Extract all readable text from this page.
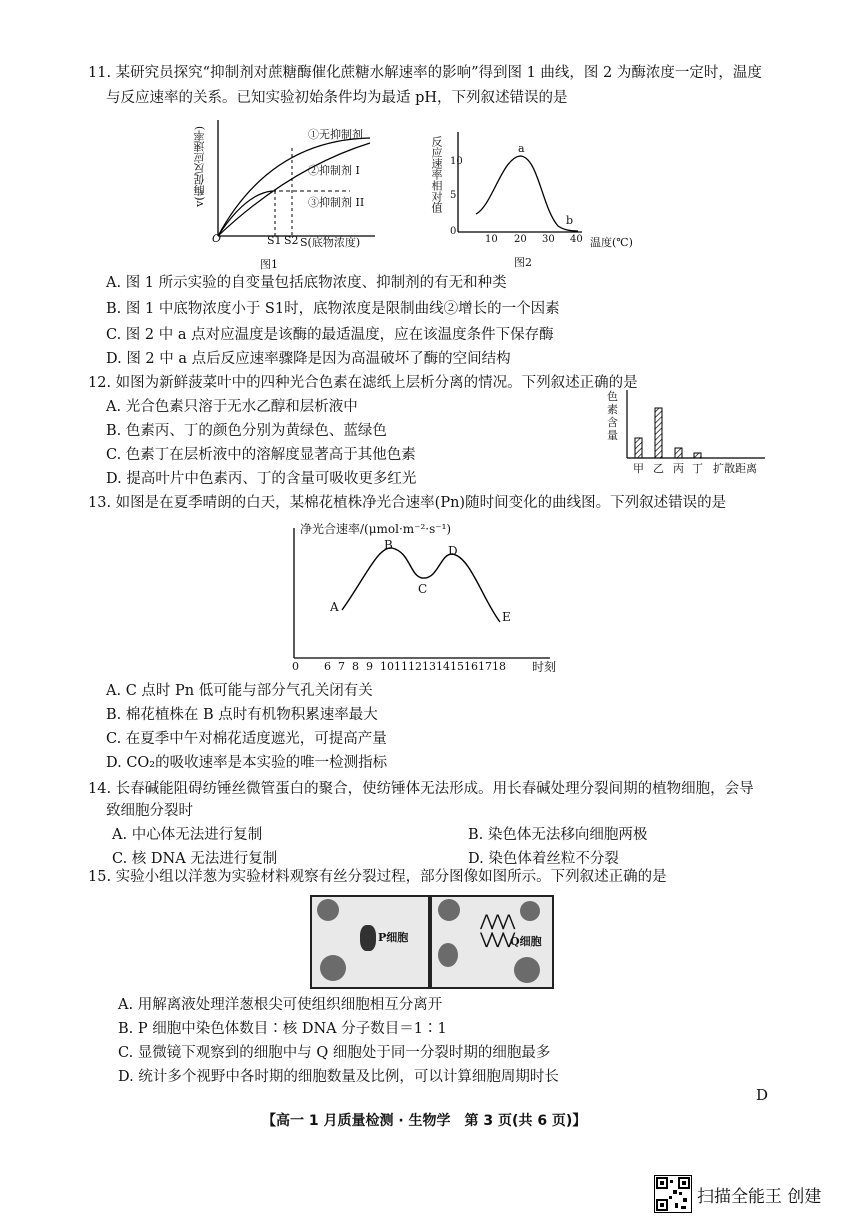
11. 某研究员探究“抑制剂对蔗糖酶催化蔗糖水解速率的影响”得到图 1 曲线，图 2 为酶浓度一定时，温度
与反应速率的关系。已知实验初始条件均为最适 pH，下列叙述错误的是
v(酶促反应速率)
O	S1 S2 S(底物浓度)
①无抑制剂
②抑制剂 I
③抑制剂 II
图1
反应速率相对值 10
5
0
10 20 30 40 温度(℃)
a
b
图2
A. 图 1 所示实验的自变量包括底物浓度、抑制剂的有无和种类
B. 图 1 中底物浓度小于 S1时，底物浓度是限制曲线②增长的一个因素
C. 图 2 中 a 点对应温度是该酶的最适温度，应在该温度条件下保存酶
D. 图 2 中 a 点后反应速率骤降是因为高温破坏了酶的空间结构
12. 如图为新鲜菠菜叶中的四种光合色素在滤纸上层析分离的情况。下列叙述正确的是
A. 光合色素只溶于无水乙醇和层析液中
B. 色素丙、丁的颜色分别为黄绿色、蓝绿色
C. 色素丁在层析液中的溶解度显著高于其他色素
D. 提高叶片中色素丙、丁的含量可吸收更多红光
色素含量
甲 乙 丙 丁 扩散距离
13. 如图是在夏季晴朗的白天，某棉花植株净光合速率(Pn)随时间变化的曲线图。下列叙述错误的是
净光合速率/(μmol·m⁻²·s⁻¹)
A
B
C
D
E
0 6 7 8 9 10 11 12 13 14 15 16 17 18 时刻
A. C 点时 Pn 低可能与部分气孔关闭有关
B. 棉花植株在 B 点时有机物积累速率最大
C. 在夏季中午对棉花适度遮光，可提高产量
D. CO₂的吸收速率是本实验的唯一检测指标
14. 长春碱能阻碍纺锤丝微管蛋白的聚合，使纺锤体无法形成。用长春碱处理分裂间期的植物细胞，会导
致细胞分裂时
A. 中心体无法进行复制	B. 染色体无法移向细胞两极
C. 核 DNA 无法进行复制	D. 染色体着丝粒不分裂
15. 实验小组以洋葱为实验材料观察有丝分裂过程，部分图像如图所示。下列叙述正确的是
P细胞
⋀⋀⋀
⋁⋁⋁
Q细胞
A. 用解离液处理洋葱根尖可使组织细胞相互分离开
B. P 细胞中染色体数目∶核 DNA 分子数目＝1∶1
C. 显微镜下观察到的细胞中与 Q 细胞处于同一分裂时期的细胞最多
D. 统计多个视野中各时期的细胞数量及比例，可以计算细胞周期时长
D
【高一 1 月质量检测 · 生物学　第 3 页(共 6 页)】
扫描全能王 创建
